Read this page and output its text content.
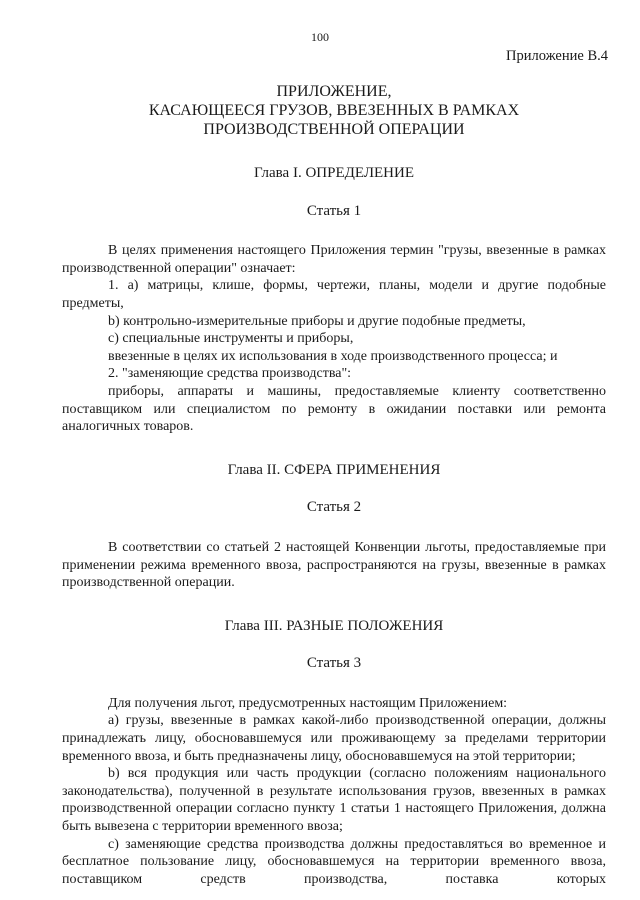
100
Приложение B.4
ПРИЛОЖЕНИЕ,
КАСАЮЩЕЕСЯ ГРУЗОВ, ВВЕЗЕННЫХ В РАМКАХ
ПРОИЗВОДСТВЕННОЙ ОПЕРАЦИИ
Глава I. ОПРЕДЕЛЕНИЕ
Статья 1

В целях применения настоящего Приложения термин "грузы, ввезенные в рамках производственной операции" означает:

1. a) матрицы, клише, формы, чертежи, планы, модели и другие подобные предметы,

b) контрольно-измерительные приборы и другие подобные предметы,

c) специальные инструменты и приборы,

ввезенные в целях их использования в ходе производственного процесса; и

2. "заменяющие средства производства":

приборы, аппараты и машины, предоставляемые клиенту соответственно поставщиком или специалистом по ремонту в ожидании поставки или ремонта аналогичных товаров.

Глава II. СФЕРА ПРИМЕНЕНИЯ
Статья 2

В соответствии со статьей 2 настоящей Конвенции льготы, предоставляемые при применении режима временного ввоза, распространяются на грузы, ввезенные в рамках производственной операции.

Глава III. РАЗНЫЕ ПОЛОЖЕНИЯ
Статья 3

Для получения льгот, предусмотренных настоящим Приложением:

a) грузы, ввезенные в рамках какой-либо производственной операции, должны принадлежать лицу, обосновавшемуся или проживающему за пределами территории временного ввоза, и быть предназначены лицу, обосновавшемуся на этой территории;

b) вся продукция или часть продукции (согласно положениям национального законодательства), полученной в результате использования грузов, ввезенных в рамках производственной операции согласно пункту 1 статьи 1 настоящего Приложения, должна быть вывезена с территории временного ввоза;

c) заменяющие средства производства должны предоставляться во временное и бесплатное пользование лицу, обосновавшемуся на территории временного ввоза, поставщиком средств производства, поставка которых
